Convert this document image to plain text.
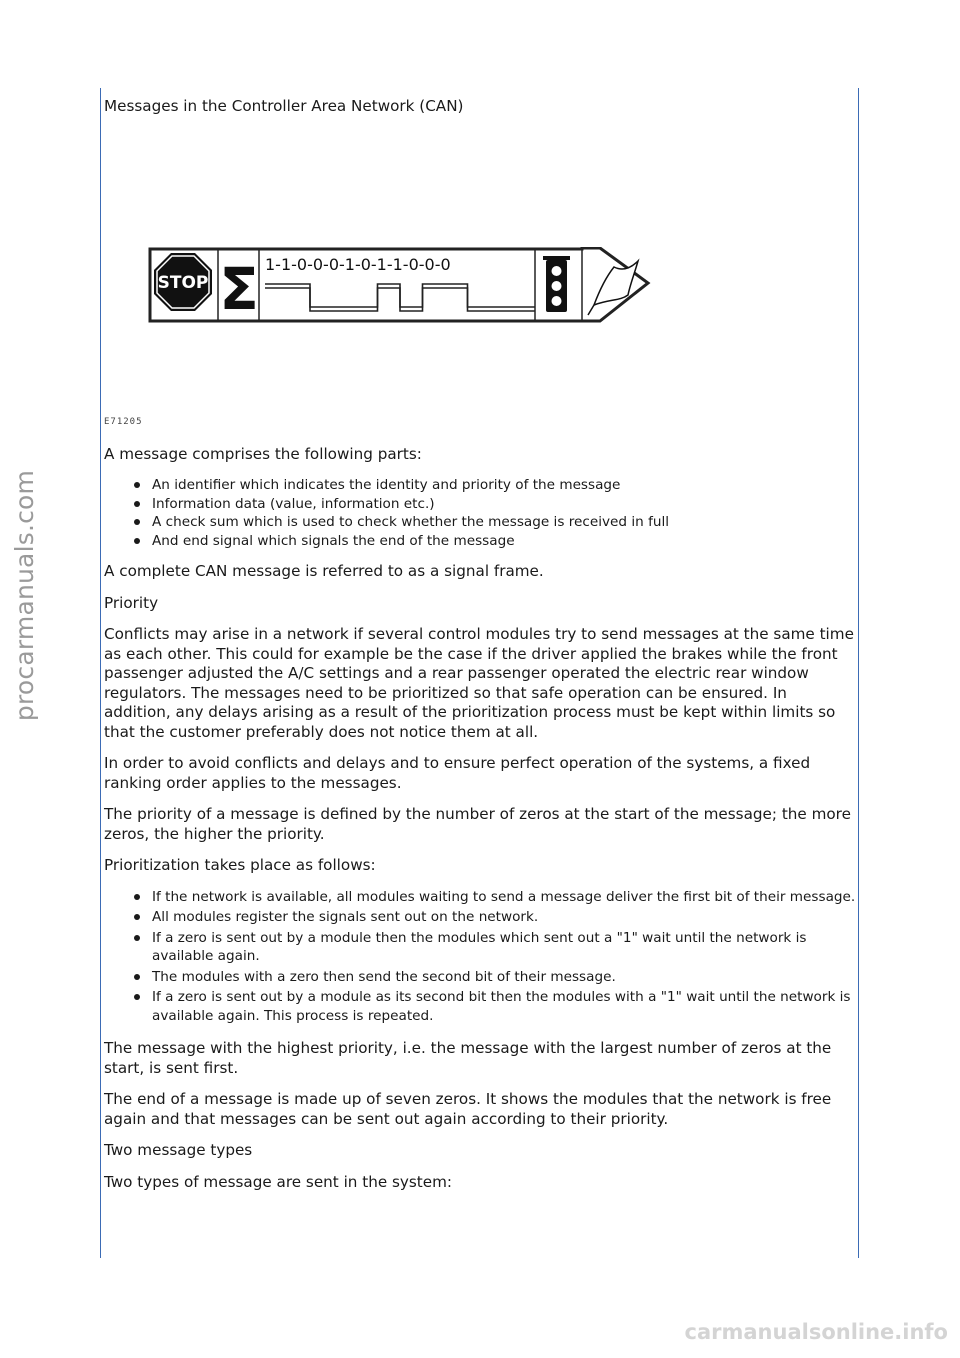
procarmanuals.com
carmanualsonline.info

Messages in the Controller Area Network (CAN)

STOP Σ 1-1-0-0-0-1-0-1-1-0-0-0
E71205

A message comprises the following parts:

An identifier which indicates the identity and priority of the message
Information data (value, information etc.)
A check sum which is used to check whether the message is received in full
And end signal which signals the end of the message

A complete CAN message is referred to as a signal frame.

Priority

Conflicts may arise in a network if several control modules try to send messages at the same time as each other. This could for example be the case if the driver applied the brakes while the front passenger adjusted the A/C settings and a rear passenger operated the electric rear window regulators. The messages need to be prioritized so that safe operation can be ensured. In addition, any delays arising as a result of the prioritization process must be kept within limits so that the customer preferably does not notice them at all.

In order to avoid conflicts and delays and to ensure perfect operation of the systems, a fixed ranking order applies to the messages.

The priority of a message is defined by the number of zeros at the start of the message; the more zeros, the higher the priority.

Prioritization takes place as follows:

If the network is available, all modules waiting to send a message deliver the first bit of their message.
All modules register the signals sent out on the network.
If a zero is sent out by a module then the modules which sent out a "1" wait until the network is available again.
The modules with a zero then send the second bit of their message.
If a zero is sent out by a module as its second bit then the modules with a "1" wait until the network is available again. This process is repeated.

The message with the highest priority, i.e. the message with the largest number of zeros at the start, is sent first.

The end of a message is made up of seven zeros. It shows the modules that the network is free again and that messages can be sent out again according to their priority.

Two message types

Two types of message are sent in the system:
